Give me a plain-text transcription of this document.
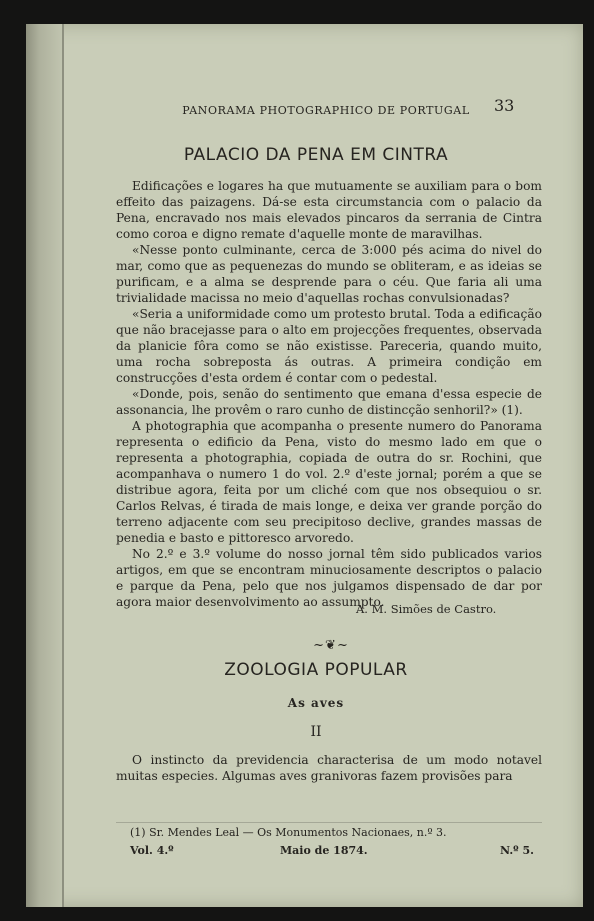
PANORAMA PHOTOGRAPHICO DE PORTUGAL	33
PALACIO DA PENA EM CINTRA

Edificações e logares ha que mutuamente se auxiliam para o bom effeito das paizagens. Dá-se esta circumstancia com o palacio da Pena, encravado nos mais elevados pincaros da serrania de Cintra como coroa e digno remate d'aquelle monte de maravilhas.

«Nesse ponto culminante, cerca de 3:000 pés acima do nivel do mar, como que as pequenezas do mundo se obliteram, e as ideias se purificam, e a alma se desprende para o céu. Que faria ali uma trivialidade macissa no meio d'aquellas rochas convulsionadas?

«Seria a uniformidade como um protesto brutal. Toda a edificação que não bracejasse para o alto em projecções frequentes, observada da planicie fôra como se não existisse. Pareceria, quando muito, uma rocha sobreposta ás outras. A primeira condição em construcções d'esta ordem é contar com o pedestal.

«Donde, pois, senão do sentimento que emana d'essa especie de assonancia, lhe provêm o raro cunho de distincção senhoril?» (1).

A photographia que acompanha o presente numero do Panorama representa o edificio da Pena, visto do mesmo lado em que o representa a photographia, copiada de outra do sr. Rochini, que acompanhava o numero 1 do vol. 2.º d'este jornal; porém a que se distribue agora, feita por um cliché com que nos obsequiou o sr. Carlos Relvas, é tirada de mais longe, e deixa ver grande porção do terreno adjacente com seu precipitoso declive, grandes massas de penedia e basto e pittoresco arvoredo.

No 2.º e 3.º volume do nosso jornal têm sido publicados varios artigos, em que se encontram minuciosamente descriptos o palacio e parque da Pena, pelo que nos julgamos dispensado de dar por agora maior desenvolvimento ao assumpto.

A. M. Simões de Castro.
~❦~
ZOOLOGIA POPULAR
As aves
II

O instincto da previdencia characterisa de um modo notavel muitas especies. Algumas aves granivoras fazem provisões para

(1) Sr. Mendes Leal — Os Monumentos Nacionaes, n.º 3.
Vol. 4.º	Maio de 1874.	N.º 5.
